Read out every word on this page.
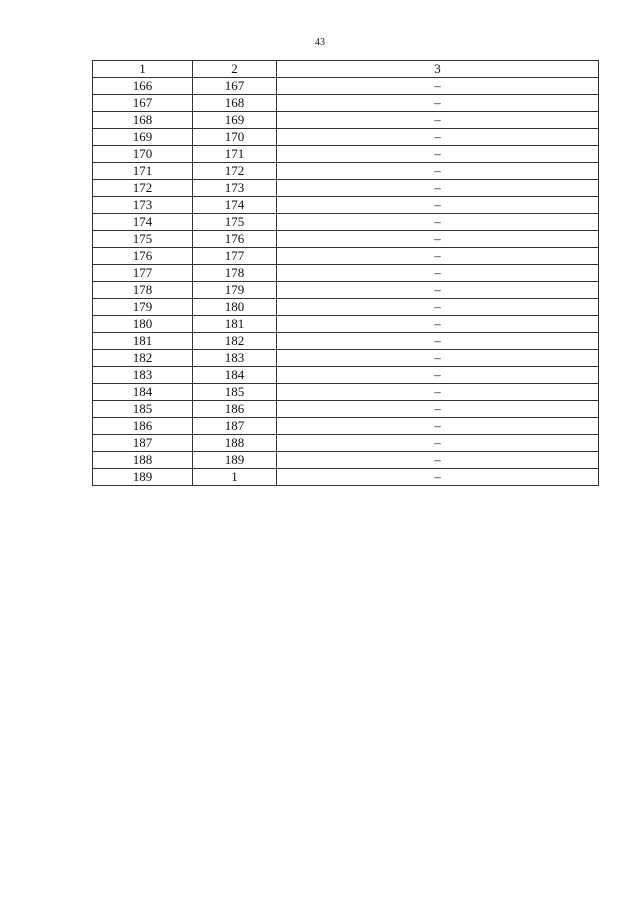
43
1	2	3
166	167	–
167	168	–
168	169	–
169	170	–
170	171	–
171	172	–
172	173	–
173	174	–
174	175	–
175	176	–
176	177	–
177	178	–
178	179	–
179	180	–
180	181	–
181	182	–
182	183	–
183	184	–
184	185	–
185	186	–
186	187	–
187	188	–
188	189	–
189	1	–
